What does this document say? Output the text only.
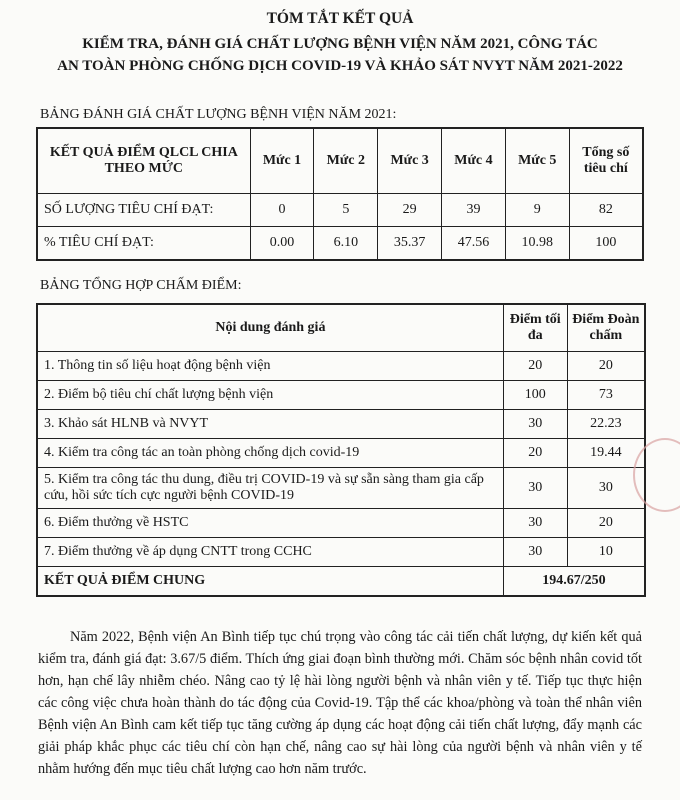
TÓM TẮT KẾT QUẢ
KIỂM TRA, ĐÁNH GIÁ CHẤT LƯỢNG BỆNH VIỆN NĂM 2021, CÔNG TÁC
AN TOÀN PHÒNG CHỐNG DỊCH COVID-19 VÀ KHẢO SÁT NVYT NĂM 2021-2022
BẢNG ĐÁNH GIÁ CHẤT LƯỢNG BỆNH VIỆN NĂM 2021:
KẾT QUẢ ĐIỂM QLCL CHIA THEO MỨC	Mức 1	Mức 2	Mức 3	Mức 4	Mức 5	Tổng số tiêu chí
SỐ LƯỢNG TIÊU CHÍ ĐẠT:	0	5	29	39	9	82
% TIÊU CHÍ ĐẠT:	0.00	6.10	35.37	47.56	10.98	100
BẢNG TỔNG HỢP CHẤM ĐIỂM:
Nội dung đánh giá	Điểm tối đa	Điểm Đoàn chấm
1. Thông tin số liệu hoạt động bệnh viện	20	20
2. Điểm bộ tiêu chí chất lượng bệnh viện	100	73
3. Khảo sát HLNB và NVYT	30	22.23
4. Kiểm tra công tác an toàn phòng chống dịch covid-19	20	19.44
5. Kiểm tra công tác thu dung, điều trị COVID-19 và sự sẵn sàng tham gia cấp cứu, hồi sức tích cực người bệnh COVID-19	30	30
6. Điểm thưởng về HSTC	30	20
7. Điểm thưởng về áp dụng CNTT trong CCHC	30	10
KẾT QUẢ ĐIỂM CHUNG	194.67/250	
Năm 2022, Bệnh viện An Bình tiếp tục chú trọng vào công tác cải tiến chất lượng, dự kiến kết quả kiểm tra, đánh giá đạt: 3.67/5 điểm. Thích ứng giai đoạn bình thường mới. Chăm sóc bệnh nhân covid tốt hơn, hạn chế lây nhiễm chéo. Nâng cao tỷ lệ hài lòng người bệnh và nhân viên y tế. Tiếp tục thực hiện các công việc chưa hoàn thành do tác động của Covid-19. Tập thể các khoa/phòng và toàn thể nhân viên Bệnh viện An Bình cam kết tiếp tục tăng cường áp dụng các hoạt động cải tiến chất lượng, đẩy mạnh các giải pháp khắc phục các tiêu chí còn hạn chế, nâng cao sự hài lòng của người bệnh và nhân viên y tế nhằm hướng đến mục tiêu chất lượng cao hơn năm trước.
